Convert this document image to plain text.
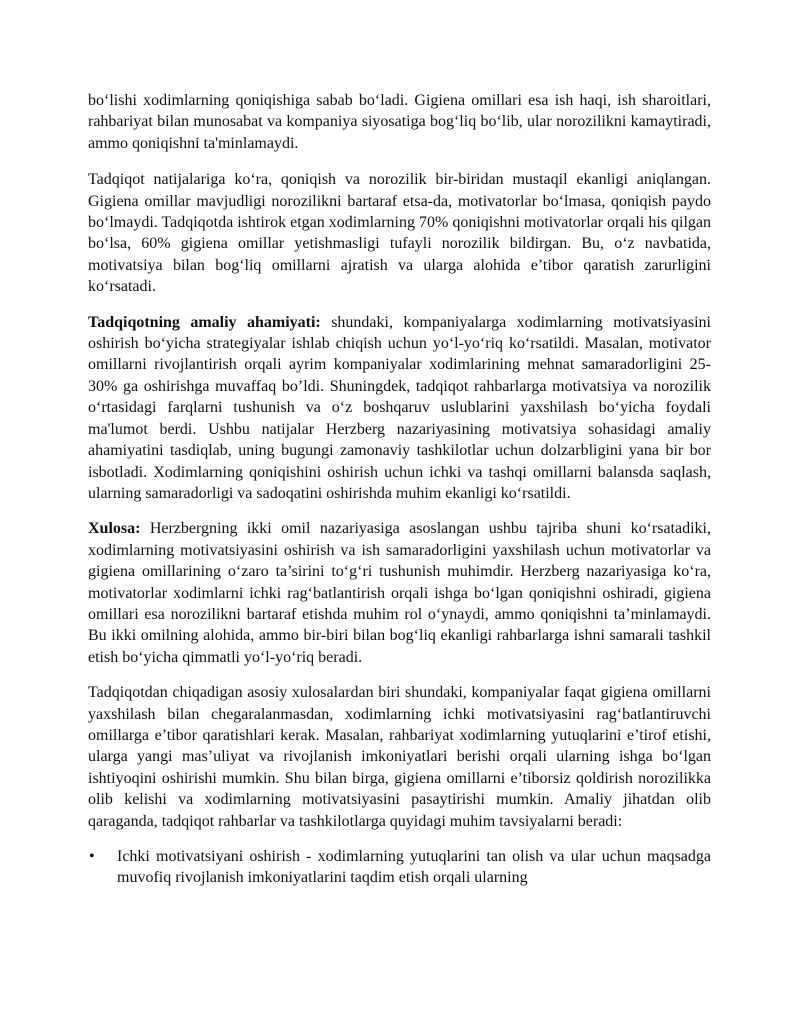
bo‘lishi xodimlarning qoniqishiga sabab bo‘ladi. Gigiena omillari esa ish haqi, ish sharoitlari, rahbariyat bilan munosabat va kompaniya siyosatiga bog‘liq bo‘lib, ular norozilikni kamaytiradi, ammo qoniqishni ta'minlamaydi.

Tadqiqot natijalariga ko‘ra, qoniqish va norozilik bir-biridan mustaqil ekanligi aniqlangan. Gigiena omillar mavjudligi norozilikni bartaraf etsa-da, motivatorlar bo‘lmasa, qoniqish paydo bo‘lmaydi. Tadqiqotda ishtirok etgan xodimlarning 70% qoniqishni motivatorlar orqali his qilgan bo‘lsa, 60% gigiena omillar yetishmasligi tufayli norozilik bildirgan. Bu, o‘z navbatida, motivatsiya bilan bog‘liq omillarni ajratish va ularga alohida e’tibor qaratish zarurligini ko‘rsatadi.

Tadqiqotning amaliy ahamiyati: shundaki, kompaniyalarga xodimlarning motivatsiyasini oshirish bo‘yicha strategiyalar ishlab chiqish uchun yo‘l-yo‘riq ko‘rsatildi. Masalan, motivator omillarni rivojlantirish orqali ayrim kompaniyalar xodimlarining mehnat samaradorligini 25-30% ga oshirishga muvaffaq bo’ldi. Shuningdek, tadqiqot rahbarlarga motivatsiya va norozilik o‘rtasidagi farqlarni tushunish va o‘z boshqaruv uslublarini yaxshilash bo‘yicha foydali ma'lumot berdi. Ushbu natijalar Herzberg nazariyasining motivatsiya sohasidagi amaliy ahamiyatini tasdiqlab, uning bugungi zamonaviy tashkilotlar uchun dolzarbligini yana bir bor isbotladi. Xodimlarning qoniqishini oshirish uchun ichki va tashqi omillarni balansda saqlash, ularning samaradorligi va sadoqatini oshirishda muhim ekanligi ko‘rsatildi.

Xulosa: Herzbergning ikki omil nazariyasiga asoslangan ushbu tajriba shuni ko‘rsatadiki, xodimlarning motivatsiyasini oshirish va ish samaradorligini yaxshilash uchun motivatorlar va gigiena omillarining o‘zaro ta’sirini to‘g‘ri tushunish muhimdir. Herzberg nazariyasiga ko‘ra, motivatorlar xodimlarni ichki rag‘batlantirish orqali ishga bo‘lgan qoniqishni oshiradi, gigiena omillari esa norozilikni bartaraf etishda muhim rol o‘ynaydi, ammo qoniqishni ta’minlamaydi. Bu ikki omilning alohida, ammo bir-biri bilan bog‘liq ekanligi rahbarlarga ishni samarali tashkil etish bo‘yicha qimmatli yo‘l-yo‘riq beradi.

Tadqiqotdan chiqadigan asosiy xulosalardan biri shundaki, kompaniyalar faqat gigiena omillarni yaxshilash bilan chegaralanmasdan, xodimlarning ichki motivatsiyasini rag‘batlantiruvchi omillarga e’tibor qaratishlari kerak. Masalan, rahbariyat xodimlarning yutuqlarini e’tirof etishi, ularga yangi mas’uliyat va rivojlanish imkoniyatlari berishi orqali ularning ishga bo‘lgan ishtiyoqini oshirishi mumkin. Shu bilan birga, gigiena omillarni e’tiborsiz qoldirish norozilikka olib kelishi va xodimlarning motivatsiyasini pasaytirishi mumkin. Amaliy jihatdan olib qaraganda, tadqiqot rahbarlar va tashkilotlarga quyidagi muhim tavsiyalarni beradi:

•	Ichki motivatsiyani oshirish - xodimlarning yutuqlarini tan olish va ular uchun maqsadga muvofiq rivojlanish imkoniyatlarini taqdim etish orqali ularning
